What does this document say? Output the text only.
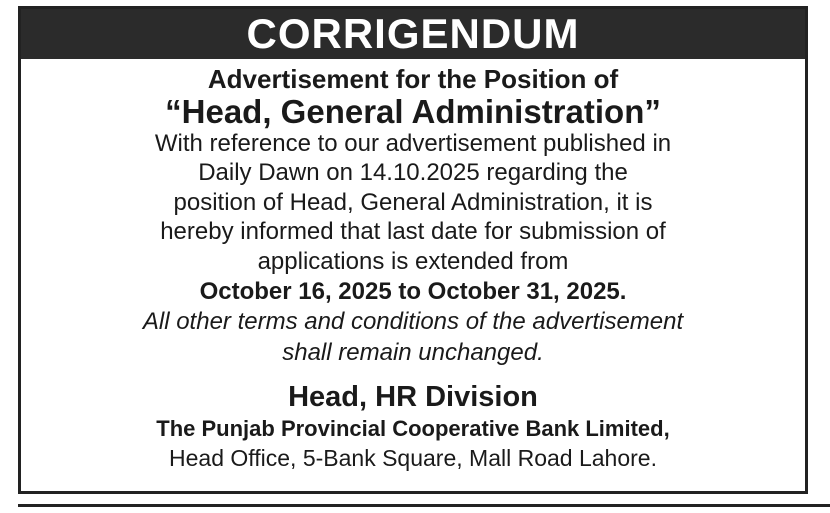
CORRIGENDUM
Advertisement for the Position of
“Head, General Administration”
With reference to our advertisement published in
Daily Dawn on 14.10.2025 regarding the
position of Head, General Administration, it is
hereby informed that last date for submission of
applications is extended from
October 16, 2025 to October 31, 2025.
All other terms and conditions of the advertisement
shall remain unchanged.
Head, HR Division
The Punjab Provincial Cooperative Bank Limited,
Head Office, 5-Bank Square, Mall Road Lahore.
